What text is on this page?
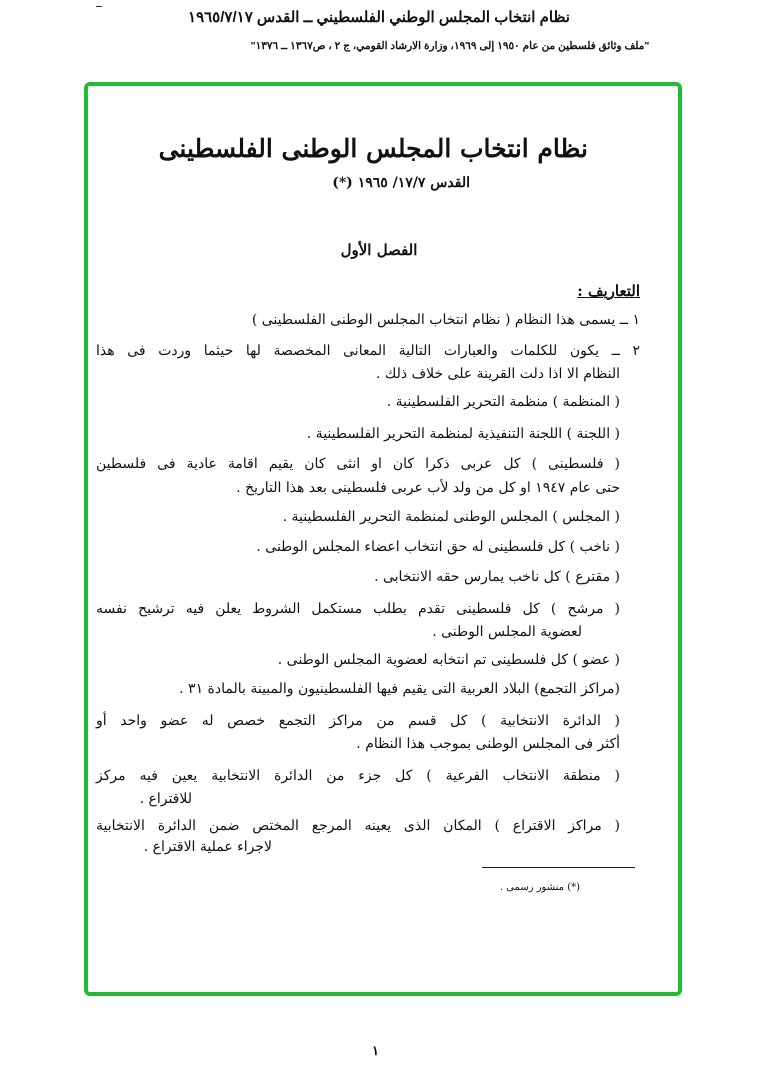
نظام انتخاب المجلس الوطني الفلسطيني ــ القدس ١٩٦٥/٧/١٧
"ملف وثائق فلسطين من عام ١٩٥٠ إلى ١٩٦٩، وزارة الارشاد القومي، ج ٢ ، ص١٣٦٧ ــ ١٣٧٦"
نظام انتخاب المجلس الوطنى الفلسطينى
القدس ١٧/٧/ ١٩٦٥ (*)
الفصل الأول
التعاريف :
١ ــ يسمى هذا النظام ( نظام انتخاب المجلس الوطنى الفلسطينى )
٢ ــ يكون للكلمات والعبارات التالية المعانى المخصصة لها حيثما وردت فى هذا
النظام الا اذا دلت القرينة على خلاف ذلك .
( المنظمة ) منظمة التحرير الفلسطينية .
( اللجنة ) اللجنة التنفيذية لمنظمة التحرير الفلسطينية .
( فلسطينى ) كل عربى ذكرا كان او انثى كان يقيم اقامة عادية فى فلسطين
حتى عام ١٩٤٧ او كل من ولد لأب عربى فلسطينى بعد هذا التاريخ .
( المجلس ) المجلس الوطنى لمنظمة التحرير الفلسطينية .
( ناخب ) كل فلسطينى له حق انتخاب اعضاء المجلس الوطنى .
( مقترع ) كل ناخب يمارس حقه الانتخابى .
( مرشح ) كل فلسطينى تقدم بطلب مستكمل الشروط يعلن فيه ترشيح نفسه
لعضوية المجلس الوطنى .
( عضو ) كل فلسطينى تم انتخابه لعضوية المجلس الوطنى .
(مراكز التجمع) البلاد العربية التى يقيم فيها الفلسطينيون والمبينة بالمادة ٣١ .
( الدائرة الانتخابية ) كل قسم من مراكز التجمع خصص له عضو واحد أو
أكثر فى المجلس الوطنى بموجب هذا النظام .
( منطقة الانتخاب الفرعية ) كل جزء من الدائرة الانتخابية يعين فيه مركز
للاقتراع .
( مراكز الاقتراع ) المكان الذى يعينه المرجع المختص ضمن الدائرة الانتخابية
لاجراء عملية الاقتراع .
(*) منشور رسمى .
١
